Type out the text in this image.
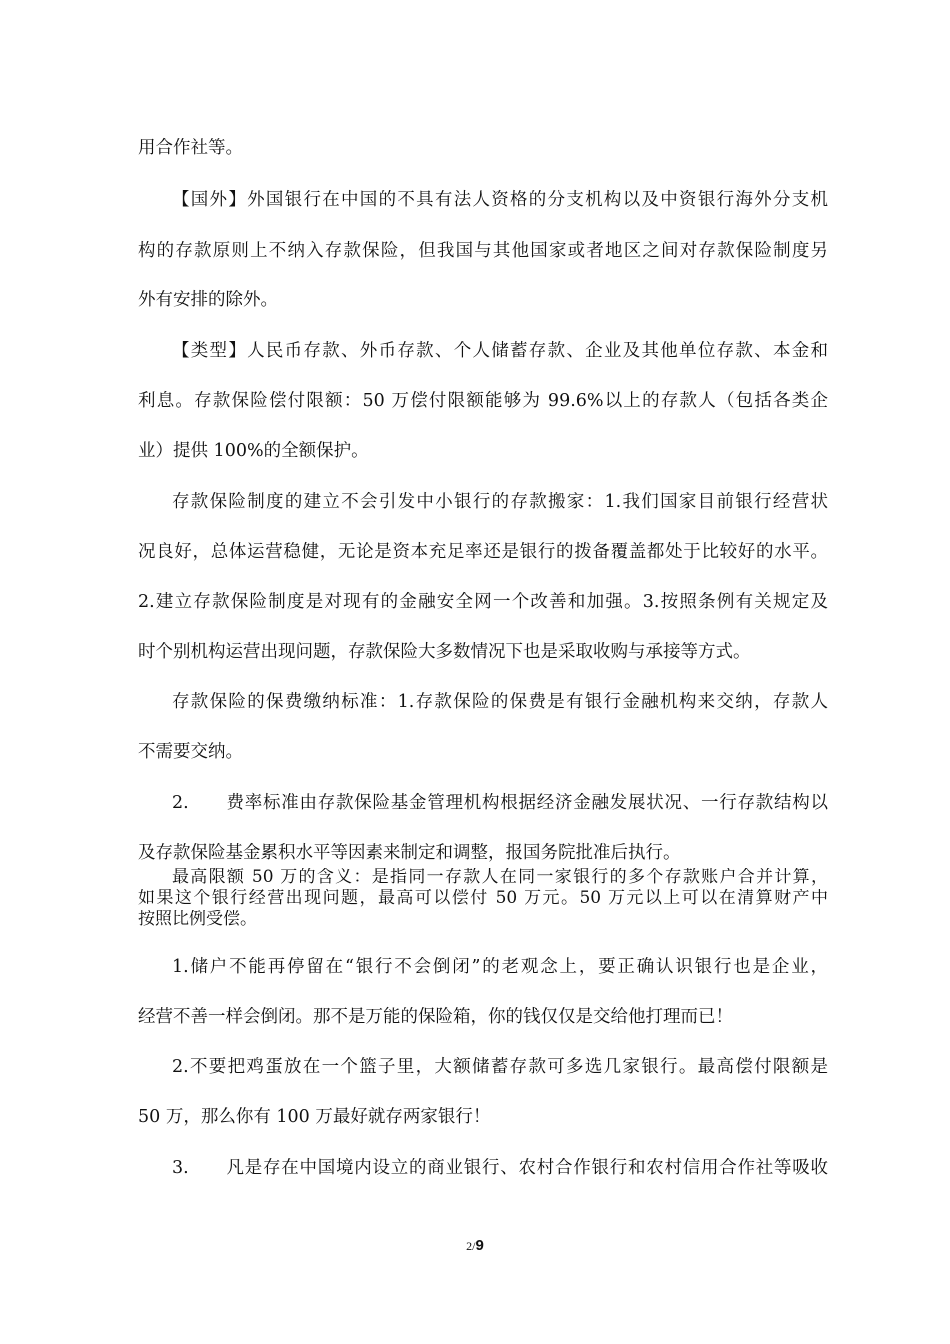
用合作社等。
【国外】外国银行在中国的不具有法人资格的分支机构以及中资银行海外分支机
构的存款原则上不纳入存款保险，但我国与其他国家或者地区之间对存款保险制度另
外有安排的除外。
【类型】人民币存款、外币存款、个人储蓄存款、企业及其他单位存款、本金和
利息。存款保险偿付限额：50 万偿付限额能够为 99.6%以上的存款人（包括各类企
业）提供 100%的全额保护。
存款保险制度的建立不会引发中小银行的存款搬家：1.我们国家目前银行经营状
况良好，总体运营稳健，无论是资本充足率还是银行的拨备覆盖都处于比较好的水平。
2.建立存款保险制度是对现有的金融安全网一个改善和加强。3.按照条例有关规定及
时个别机构运营出现问题，存款保险大多数情况下也是采取收购与承接等方式。
存款保险的保费缴纳标准：1.存款保险的保费是有银行金融机构来交纳，存款人
不需要交纳。
2.      费率标准由存款保险基金管理机构根据经济金融发展状况、一行存款结构以
及存款保险基金累积水平等因素来制定和调整，报国务院批准后执行。
最高限额 50 万的含义：是指同一存款人在同一家银行的多个存款账户合并计算，
如果这个银行经营出现问题，最高可以偿付 50 万元。50 万元以上可以在清算财产中
按照比例受偿。
1.储户不能再停留在“银行不会倒闭”的老观念上，要正确认识银行也是企业，
经营不善一样会倒闭。那不是万能的保险箱，你的钱仅仅是交给他打理而已！
2.不要把鸡蛋放在一个篮子里，大额储蓄存款可多选几家银行。最高偿付限额是
50 万，那么你有 100 万最好就存两家银行！
3.      凡是存在中国境内设立的商业银行、农村合作银行和农村信用合作社等吸收
2/9
